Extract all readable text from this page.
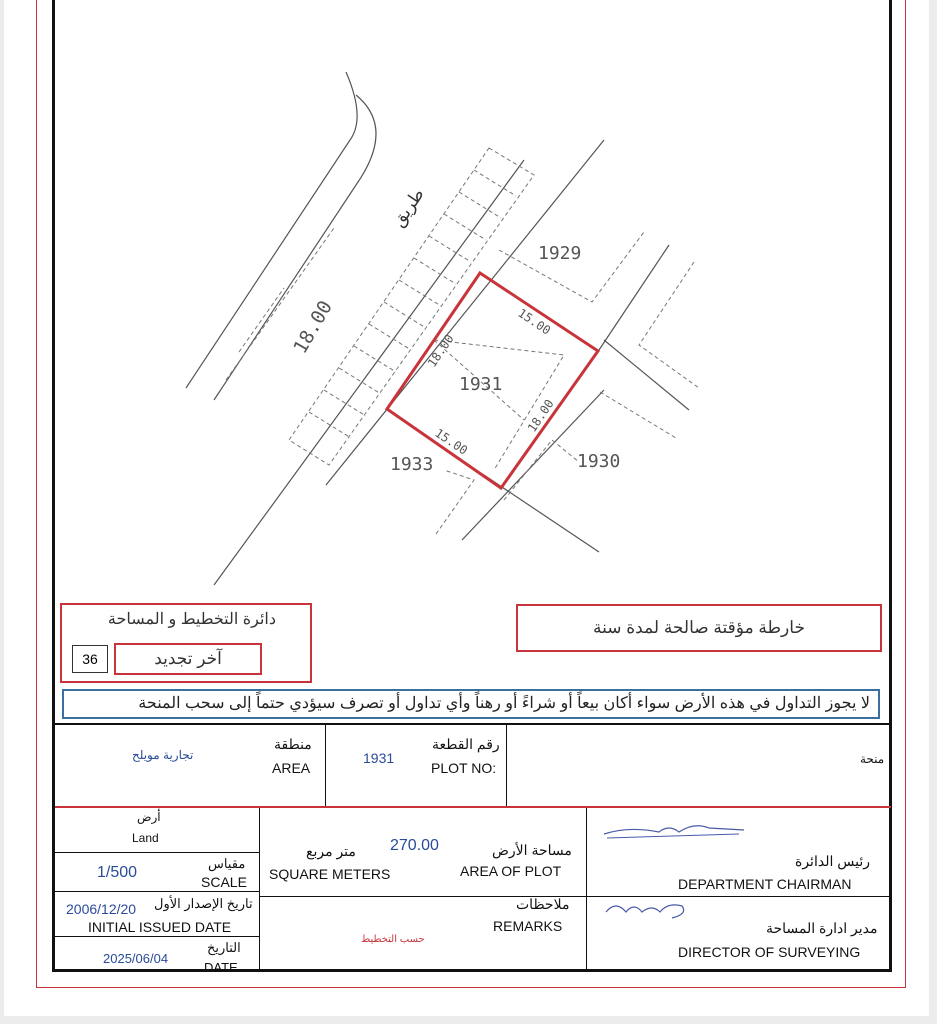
طريق
18.00
1931
1929
1930
1933
15.00
18.00
15.00
18.00
دائرة التخطيط و المساحة
36	آخر تجديد
خارطة مؤقتة صالحة لمدة سنة
لا يجوز التداول في هذه الأرض سواء أكان بيعاً أو شراءً أو رهناً وأي تداول أو تصرف سيؤدي حتماً إلى سحب المنحة
تجارية مويلح
منطقة
AREA
1931
رقم القطعة
PLOT NO:
منحة
أرض
Land
1/500
مقياس
SCALE
2006/12/20 تاريخ الإصدار الأول
INITIAL ISSUED DATE
2025/06/04
التاريخ
DATE
متر مربع
SQUARE METERS
270.00	مساحة الأرض
AREA OF PLOT
ملاحظات
REMARKS
حسب التخطيط
رئيس الدائرة
DEPARTMENT CHAIRMAN
مدير ادارة المساحة
DIRECTOR OF SURVEYING
